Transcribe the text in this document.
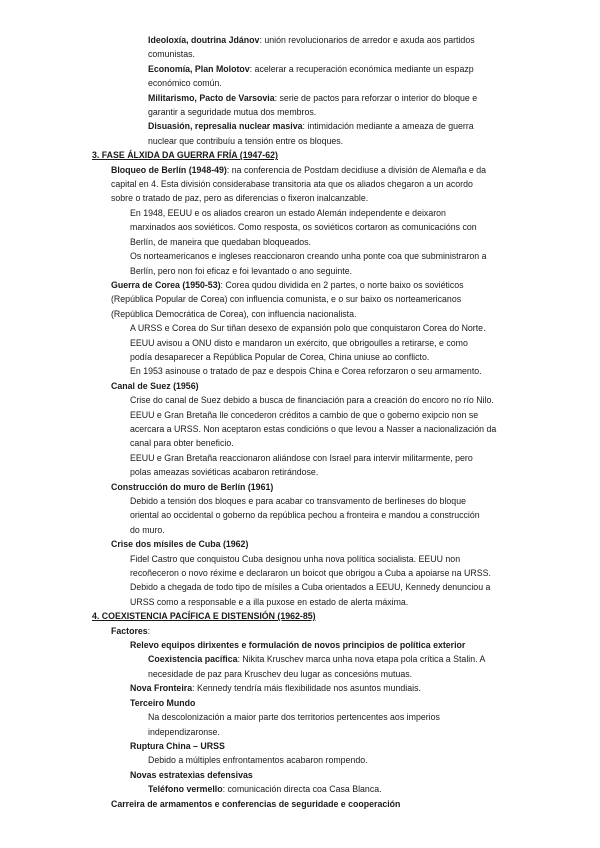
Ideoloxía, doutrina Jdánov: unión revolucionarios de arredor e axuda aos partidos
comunistas.
Economía, Plan Molotov: acelerar a recuperación económica mediante un espazp
económico común.
Militarismo, Pacto de Varsovia: serie de pactos para reforzar o interior do bloque e
garantir a seguridade mutua dos membros.
Disuasión, represalia nuclear masiva: intimidación mediante a ameaza de guerra
nuclear que contribuíu a tensión entre os bloques.
3. FASE ÁLXIDA DA GUERRA FRÍA (1947-62)
Bloqueo de Berlín (1948-49): na conferencia de Postdam decidiuse a división de Alemaña e da
capital en 4. Esta división considerabase transitoria ata que os aliados chegaron a un acordo
sobre o tratado de paz, pero as diferencias o fixeron inalcanzable.
En 1948, EEUU e os aliados crearon un estado Alemán independente e deixaron
marxinados aos soviéticos. Como resposta, os soviéticos cortaron as comunicacións con
Berlín, de maneira que quedaban bloqueados.
Os norteamericanos e ingleses reaccionaron creando unha ponte coa que subministraron a
Berlín, pero non foi eficaz e foi levantado o ano seguinte.
Guerra de Corea (1950-53): Corea qudou dividida en 2 partes, o norte baixo os soviéticos
(República Popular de Corea) con influencia comunista, e o sur baixo os norteamericanos
(República Democrática de Corea), con influencia nacionalista.
A URSS e Corea do Sur tiñan desexo de expansión polo que conquistaron Corea do Norte.
EEUU avisou a ONU disto e mandaron un exército, que obrigoulles a retirarse, e como
podía desaparecer a República Popular de Corea, China uniuse ao conflicto.
En 1953 asinouse o tratado de paz e despois China e Corea reforzaron o seu armamento.
Canal de Suez (1956)
Crise do canal de Suez debido a busca de financiación para a creación do encoro no río Nilo.
EEUU e Gran Bretaña lle concederon créditos a cambio de que o goberno exipcio non se
acercara a URSS. Non aceptaron estas condicións o que levou a Nasser a nacionalización da
canal para obter beneficio.
EEUU e Gran Bretaña reaccionaron aliándose con Israel para intervir militarmente, pero
polas ameazas soviéticas acabaron retirándose.
Construcción do muro de Berlín (1961)
Debido a tensión dos bloques e para acabar co transvamento de berlineses do bloque
oriental ao occidental o goberno da república pechou a fronteira e mandou a construcción
do muro.
Crise dos mísiles de Cuba (1962)
Fidel Castro que conquistou Cuba designou unha nova política socialista. EEUU non
recoñeceron o novo réxime e declararon un boicot que obrigou a Cuba a apoiarse na URSS.
Debido a chegada de todo tipo de mísiles a Cuba orientados a EEUU, Kennedy denunciou a
URSS como a responsable e a illa puxose en estado de alerta máxima.
4. COEXISTENCIA PACÍFICA E DISTENSIÓN (1962-85)
Factores:
Relevo equipos dirixentes e formulación de novos principios de política exterior
Coexistencia pacífica: Nikita Kruschev marca unha nova etapa pola crítica a Stalin. A
necesidade de paz para Kruschev deu lugar as concesións mutuas.
Nova Fronteira: Kennedy tendría máis flexibilidade nos asuntos mundiais.
Terceiro Mundo
Na descolonización a maior parte dos territorios pertencentes aos imperios
independizaronse.
Ruptura China – URSS
Debido a múltiples enfrontamentos acabaron rompendo.
Novas estratexias defensivas
Teléfono vermello: comunicación directa coa Casa Blanca.
Carreira de armamentos e conferencias de seguridade e cooperación
